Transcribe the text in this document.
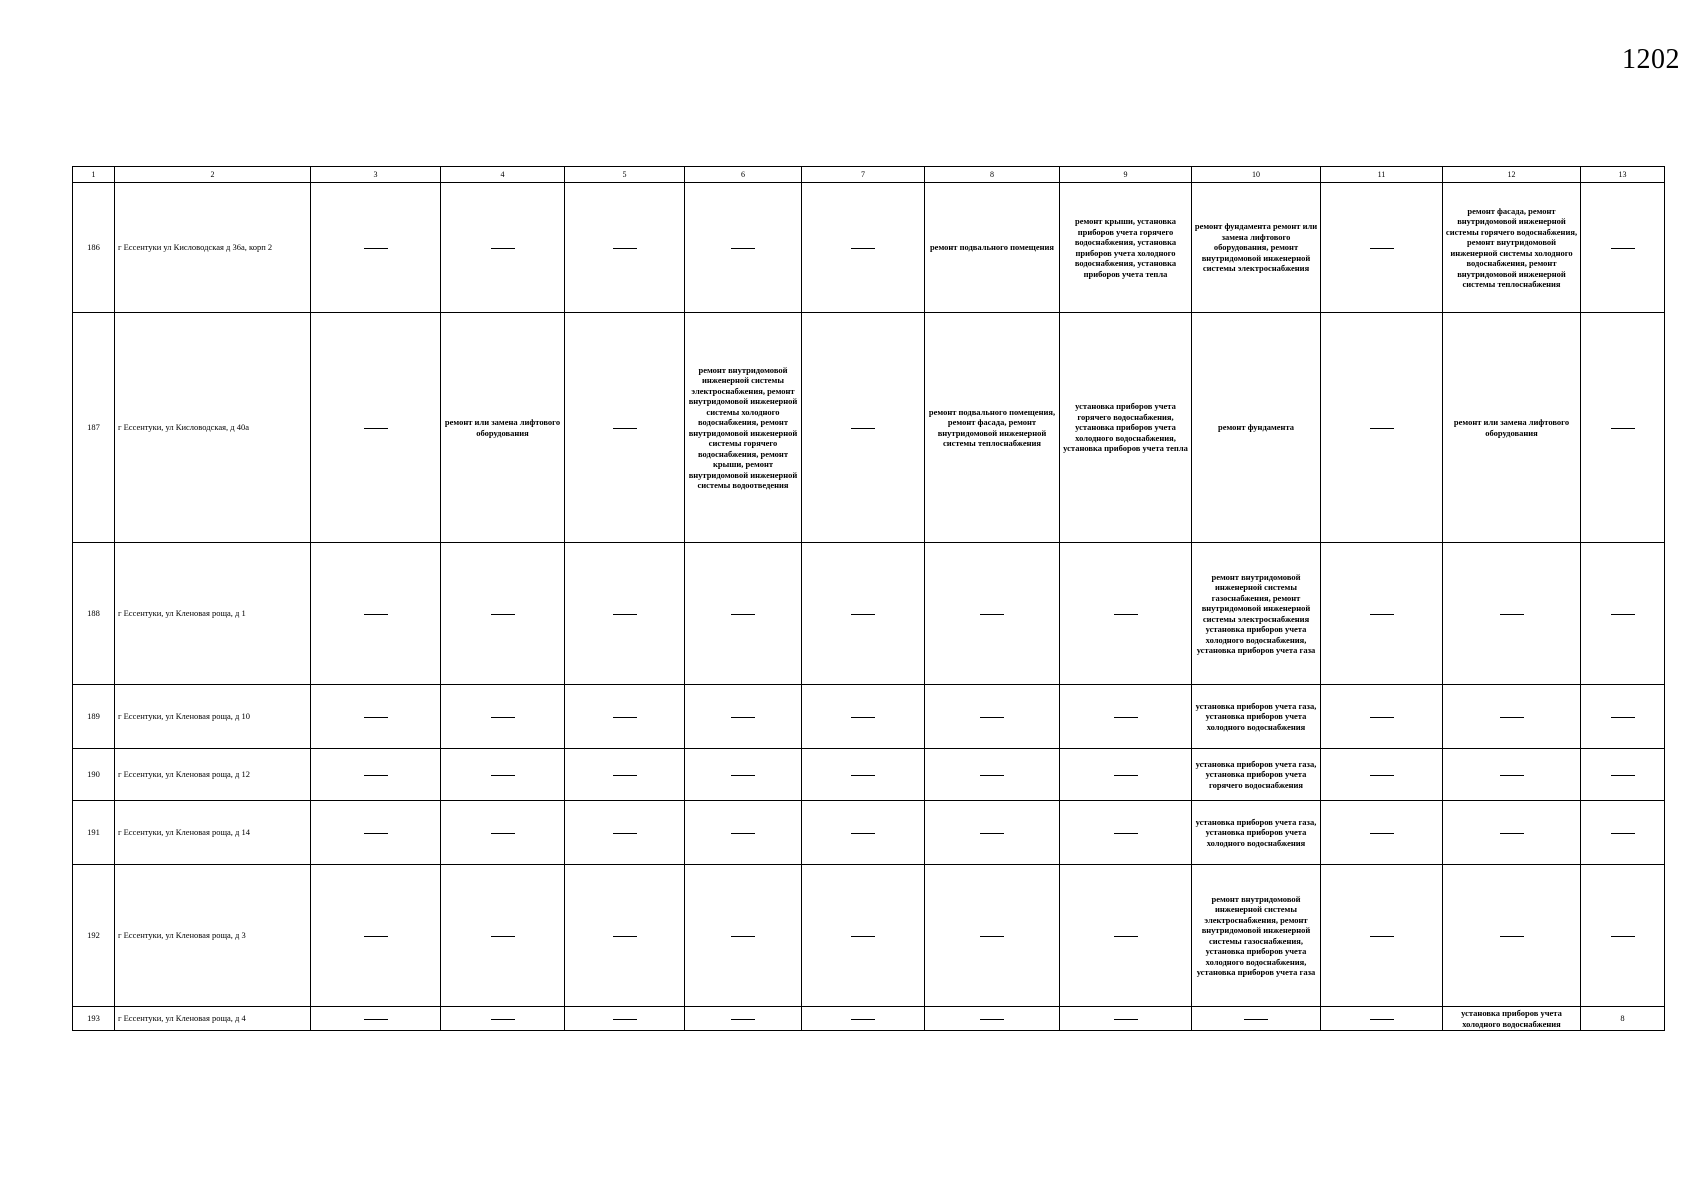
1202
1	2	3	4	5	6	7	8	9	10	11	12	13
186	г Ессентуки ул Кисловодская д 36а, корп 2						ремонт подвального помещения	ремонт крыши, установка приборов учета горячего водоснабжения, установка приборов учета холодного водоснабжения, установка приборов учета тепла	ремонт фундамента ремонт или замена лифтового оборудования, ремонт внутридомовой инженерной системы электроснабжения		ремонт фасада, ремонт внутридомовой инженерной системы горячего водоснабжения, ремонт внутридомовой инженерной системы холодного водоснабжения, ремонт внутридомовой инженерной системы теплоснабжения	
187	г Ессентуки, ул Кисловодская, д 40а		ремонт или замена лифтового оборудования		ремонт внутридомовой инженерной системы электроснабжения, ремонт внутридомовой инженерной системы холодного водоснабжения, ремонт внутридомовой инженерной системы горячего водоснабжения, ремонт крыши, ремонт внутридомовой инженерной системы водоотведения		ремонт подвального помещения, ремонт фасада, ремонт внутридомовой инженерной системы теплоснабжения	установка приборов учета горячего водоснабжения, установка приборов учета холодного водоснабжения, установка приборов учета тепла	ремонт фундамента		ремонт или замена лифтового оборудования	
188	г Ессентуки, ул Кленовая роща, д 1								ремонт внутридомовой инженерной системы газоснабжения, ремонт внутридомовой инженерной системы электроснабжения установка приборов учета холодного водоснабжения, установка приборов учета газа			
189	г Ессентуки, ул Кленовая роща, д 10								установка приборов учета газа, установка приборов учета холодного водоснабжения			
190	г Ессентуки, ул Кленовая роща, д 12								установка приборов учета газа, установка приборов учета горячего водоснабжения			
191	г Ессентуки, ул Кленовая роща, д 14								установка приборов учета газа, установка приборов учета холодного водоснабжения			
192	г Ессентуки, ул Кленовая роща, д 3								ремонт внутридомовой инженерной системы электроснабжения, ремонт внутридомовой инженерной системы газоснабжения, установка приборов учета холодного водоснабжения, установка приборов учета газа			
193	г Ессентуки, ул Кленовая роща, д 4										установка приборов учета холодного водоснабжения	8
